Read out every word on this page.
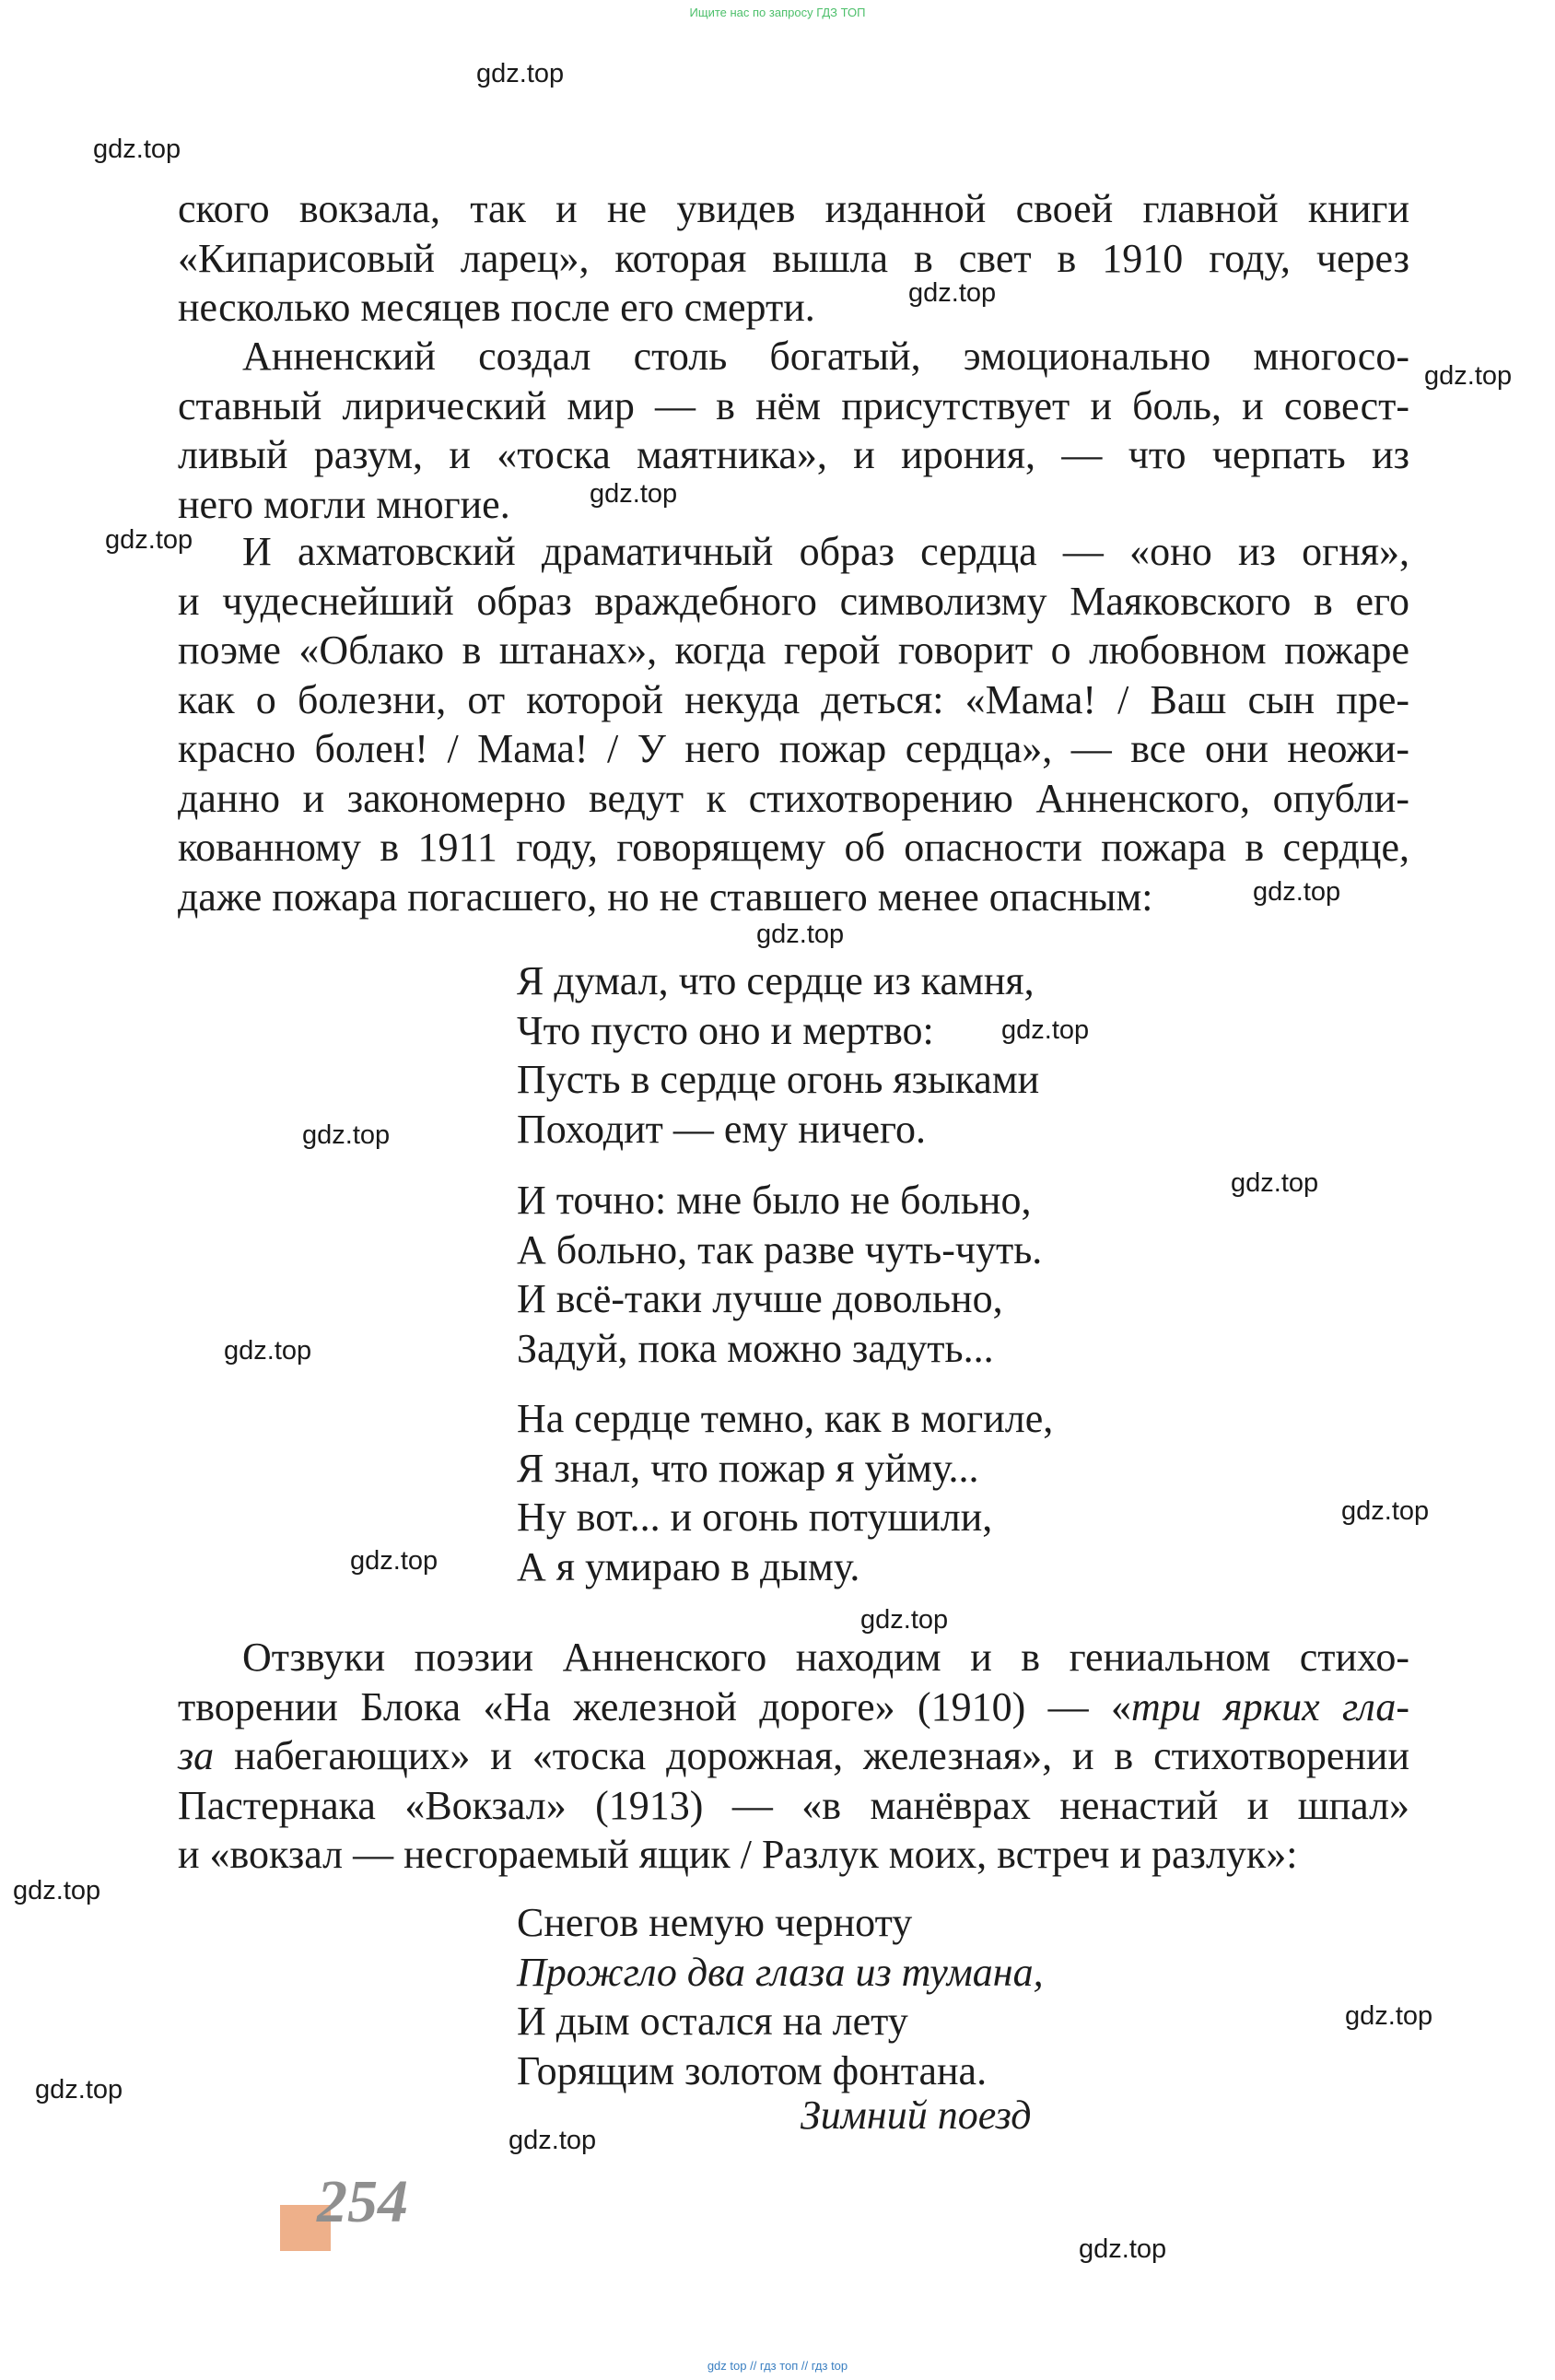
Ищите нас по запросу ГДЗ ТОП
ского вокзала, так и не увидев изданной своей главной книги
«Кипарисовый ларец», которая вышла в свет в 1910 году, через
несколько месяцев после его смерти.
Анненский создал столь богатый, эмоционально многосо-
ставный лирический мир — в нём присутствует и боль, и совест-
ливый разум, и «тоска маятника», и ирония, — что черпать из
него могли многие.
И ахматовский драматичный образ сердца — «оно из огня»,
и чудеснейший образ враждебного символизму Маяковского в его
поэме «Облако в штанах», когда герой говорит о любовном пожаре
как о болезни, от которой некуда деться: «Мама! / Ваш сын пре-
красно болен! / Мама! / У него пожар сердца», — все они неожи-
данно и закономерно ведут к стихотворению Анненского, опубли-
кованному в 1911 году, говорящему об опасности пожара в сердце,
даже пожара погасшего, но не ставшего менее опасным:
Я думал, что сердце из камня,
Что пусто оно и мертво:
Пусть в сердце огонь языками
Походит — ему ничего.
И точно: мне было не больно,
А больно, так разве чуть-чуть.
И всё-таки лучше довольно,
Задуй, пока можно задуть...
На сердце темно, как в могиле,
Я знал, что пожар я уйму...
Ну вот... и огонь потушили,
А я умираю в дыму.
Отзвуки поэзии Анненского находим и в гениальном стихо-
творении Блока «На железной дороге» (1910) — «три ярких гла-
за набегающих» и «тоска дорожная, железная», и в стихотворении
Пастернака «Вокзал» (1913) — «в манёврах ненастий и шпал»
и «вокзал — несгораемый ящик / Разлук моих, встреч и разлук»:
Снегов немую черноту
Прожгло два глаза из тумана,
И дым остался на лету
Горящим золотом фонтана.
Зимний поезд
254
gdz.top
gdz.top
gdz.top
gdz.top
gdz.top
gdz.top
gdz.top
gdz.top
gdz.top
gdz.top
gdz.top
gdz.top
gdz.top
gdz.top
gdz.top
gdz.top
gdz.top
gdz.top
gdz.top
gdz.top
gdz top // гдз топ // гдз top
